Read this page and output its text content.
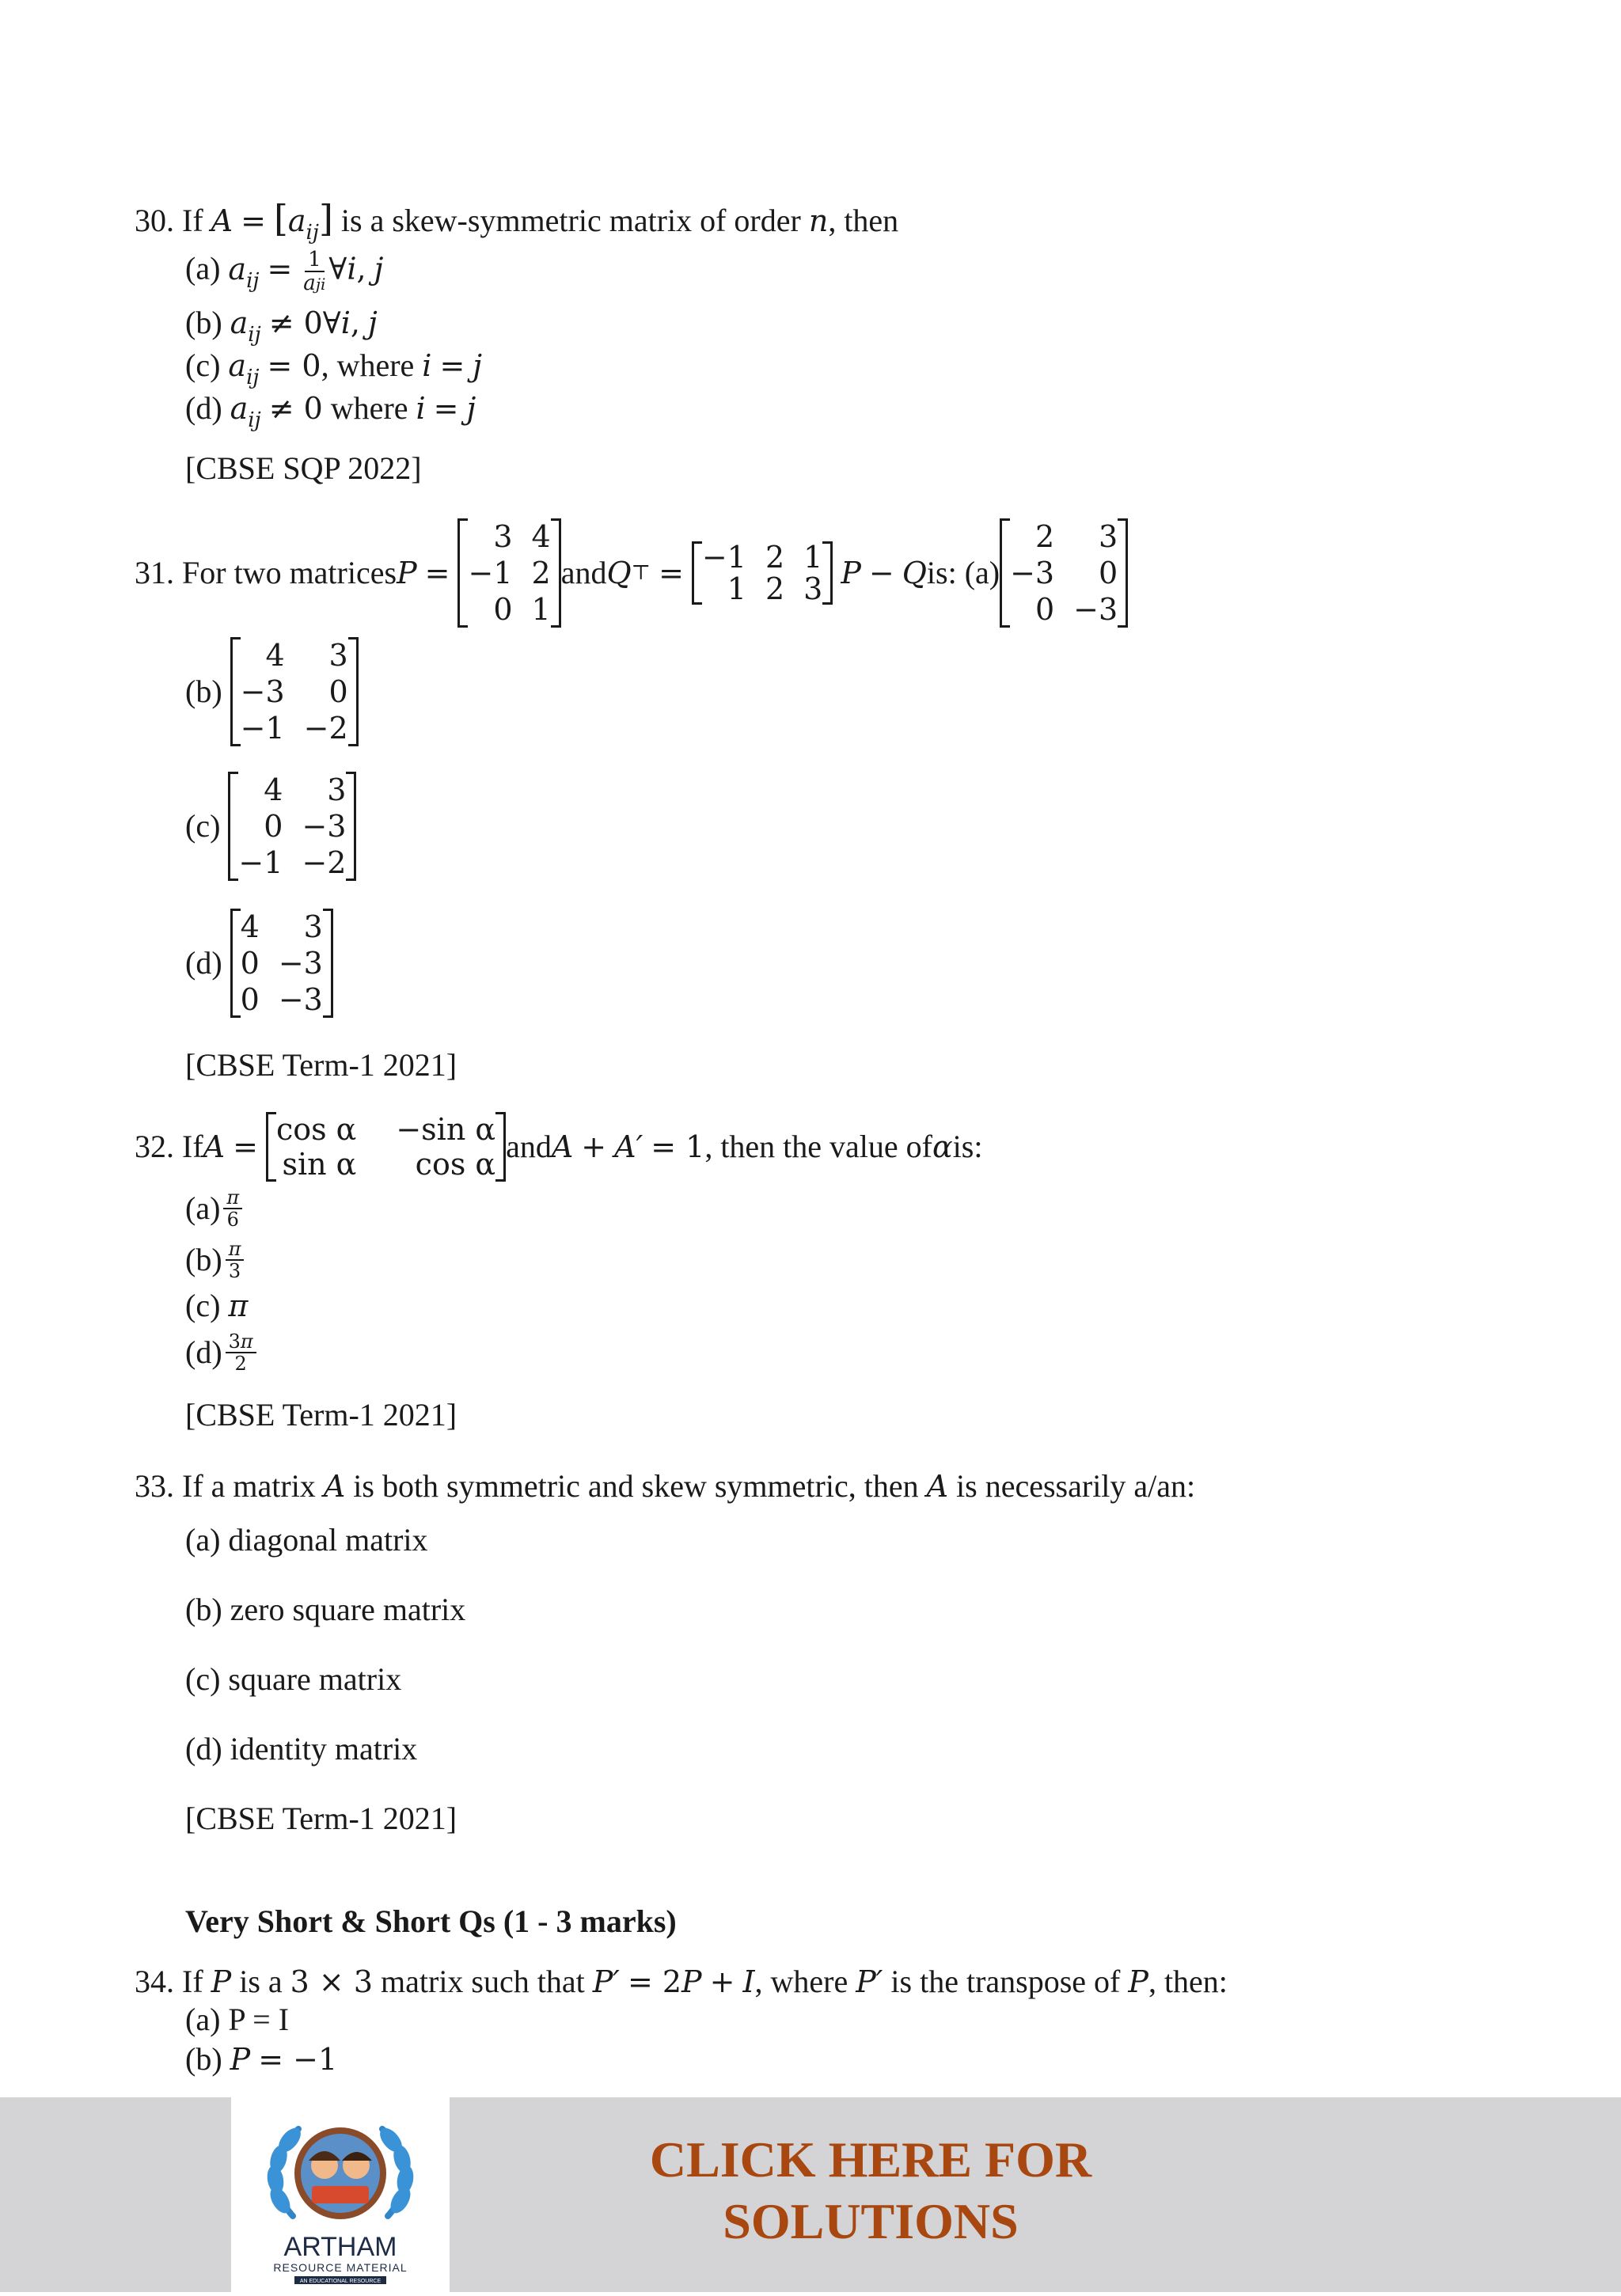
30. If $A = [a_{ij}]$ is a skew-symmetric matrix of order n, then
(a) $a_{ij} = \frac{1}{\text{aji}}$ ∀i, j
(b) $a_{ij}$ ≠ 0∀i, j
(c) $a_{ij} = 0$, where i = j
(d) $a_{ij} \ne 0$ where i = j
[CBSE SQP 2022]
31. For two matrices P
=

3 4
−1 2
0 1
and Q ⊤
=
−1 2 1
1 2 3
P
−
Q is: (a)
2	3
−3	0
0 −3
(b)

4	3
−3	0
−1 −2
(c)

4	3
0 −3
−1 −2
(d)

4	3
0 −3
0 −3
[CBSE Term-1 2021]
32. If A
=
cos α −sin α
sin α	cos α and A
+
A′
= 1 , then the value of α is:
$(a) \frac{\pi}{6}$
$(b) \frac{\pi}{3}$
(c) π
$(d) \frac{3\pi}{2}$
[CBSE Term-1 2021]
33. If a matrix A is both symmetric and skew symmetric, then A is necessarily a/an:
(a) diagonal matrix
(b) zero square matrix
(c) square matrix
(d) identity matrix
[CBSE Term-1 2021]
Very Short & Short Qs (1 - 3 marks)
34. If P is a 3 × 3 matrix such that P′ = 2P + I, where P′ is the transpose of P, then:
(a) P = I
(b) P = −1
ARTHAM
RESOURCE MATERIAL
AN EDUCATIONAL RESOURCE
CLICK HERE FOR
SOLUTIONS
